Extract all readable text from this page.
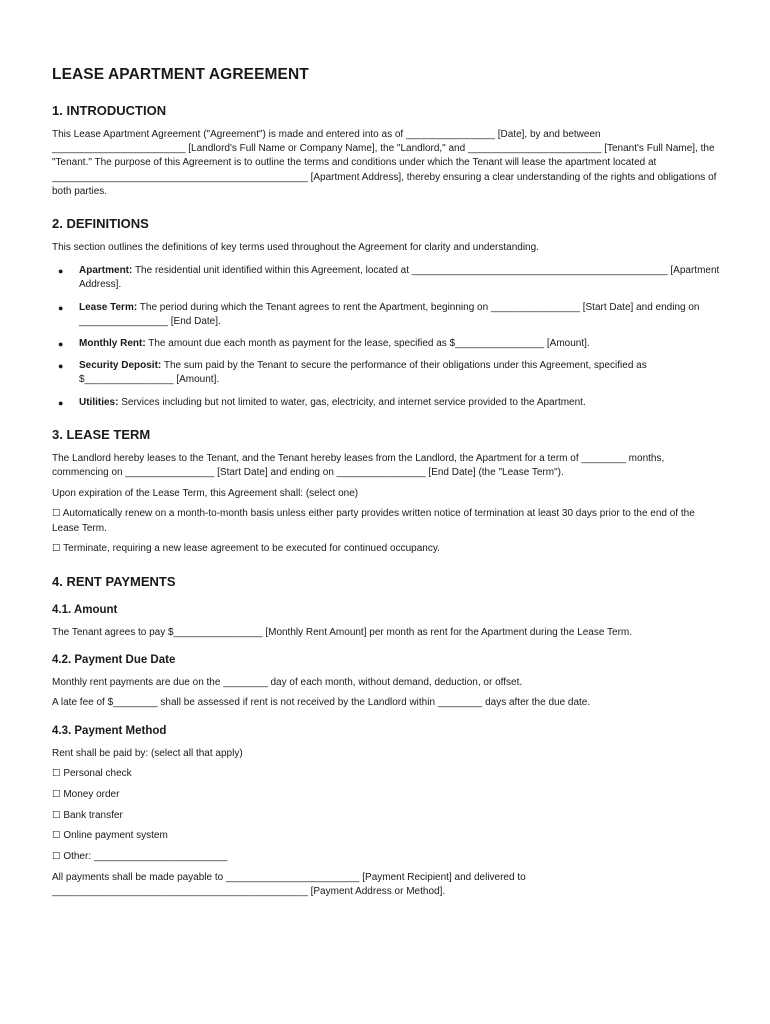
LEASE APARTMENT AGREEMENT
1. INTRODUCTION

This Lease Apartment Agreement ("Agreement") is made and entered into as of ________________ [Date], by and between ________________________ [Landlord's Full Name or Company Name], the "Landlord," and ________________________ [Tenant's Full Name], the "Tenant." The purpose of this Agreement is to outline the terms and conditions under which the Tenant will lease the apartment located at ______________________________________________ [Apartment Address], thereby ensuring a clear understanding of the rights and obligations of both parties.

2. DEFINITIONS

This section outlines the definitions of key terms used throughout the Agreement for clarity and understanding.

● Apartment: The residential unit identified within this Agreement, located at ______________________________________________ [Apartment Address].
● Lease Term: The period during which the Tenant agrees to rent the Apartment, beginning on ________________ [Start Date] and ending on ________________ [End Date].
● Monthly Rent: The amount due each month as payment for the lease, specified as $________________ [Amount].
● Security Deposit: The sum paid by the Tenant to secure the performance of their obligations under this Agreement, specified as $________________ [Amount].
● Utilities: Services including but not limited to water, gas, electricity, and internet service provided to the Apartment.
3. LEASE TERM

The Landlord hereby leases to the Tenant, and the Tenant hereby leases from the Landlord, the Apartment for a term of ________ months, commencing on ________________ [Start Date] and ending on ________________ [End Date] (the "Lease Term").

Upon expiration of the Lease Term, this Agreement shall: (select one)

☐ Automatically renew on a month-to-month basis unless either party provides written notice of termination at least 30 days prior to the end of the Lease Term.

☐ Terminate, requiring a new lease agreement to be executed for continued occupancy.

4. RENT PAYMENTS
4.1. Amount

The Tenant agrees to pay $________________ [Monthly Rent Amount] per month as rent for the Apartment during the Lease Term.

4.2. Payment Due Date

Monthly rent payments are due on the ________ day of each month, without demand, deduction, or offset.

A late fee of $________ shall be assessed if rent is not received by the Landlord within ________ days after the due date.

4.3. Payment Method

Rent shall be paid by: (select all that apply)

☐ Personal check

☐ Money order

☐ Bank transfer

☐ Online payment system

☐ Other: ________________________

All payments shall be made payable to ________________________ [Payment Recipient] and delivered to ______________________________________________ [Payment Address or Method].
